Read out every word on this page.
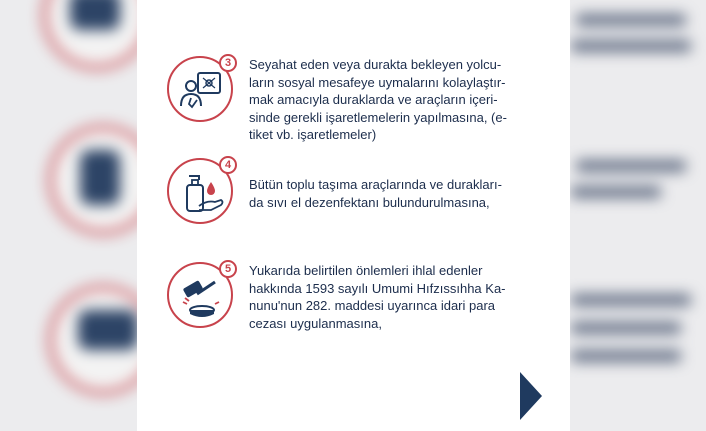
3	Seyahat eden veya durakta bekleyen yolcu-

ların sosyal mesafeye uymalarını kolaylaştır-

mak amacıyla duraklarda ve araçların içeri-

sinde gerekli işaretlemelerin yapılmasına, (e-

tiket vb. işaretlemeler)

4

Bütün toplu taşıma araçlarında ve durakları-

da sıvı el dezenfektanı bulundurulmasına,

5	Yukarıda belirtilen önlemleri ihlal edenler

hakkında 1593 sayılı Umumi Hıfzıssıhha Ka-

nunu'nun 282. maddesi uyarınca idari para

cezası uygulanmasına,
